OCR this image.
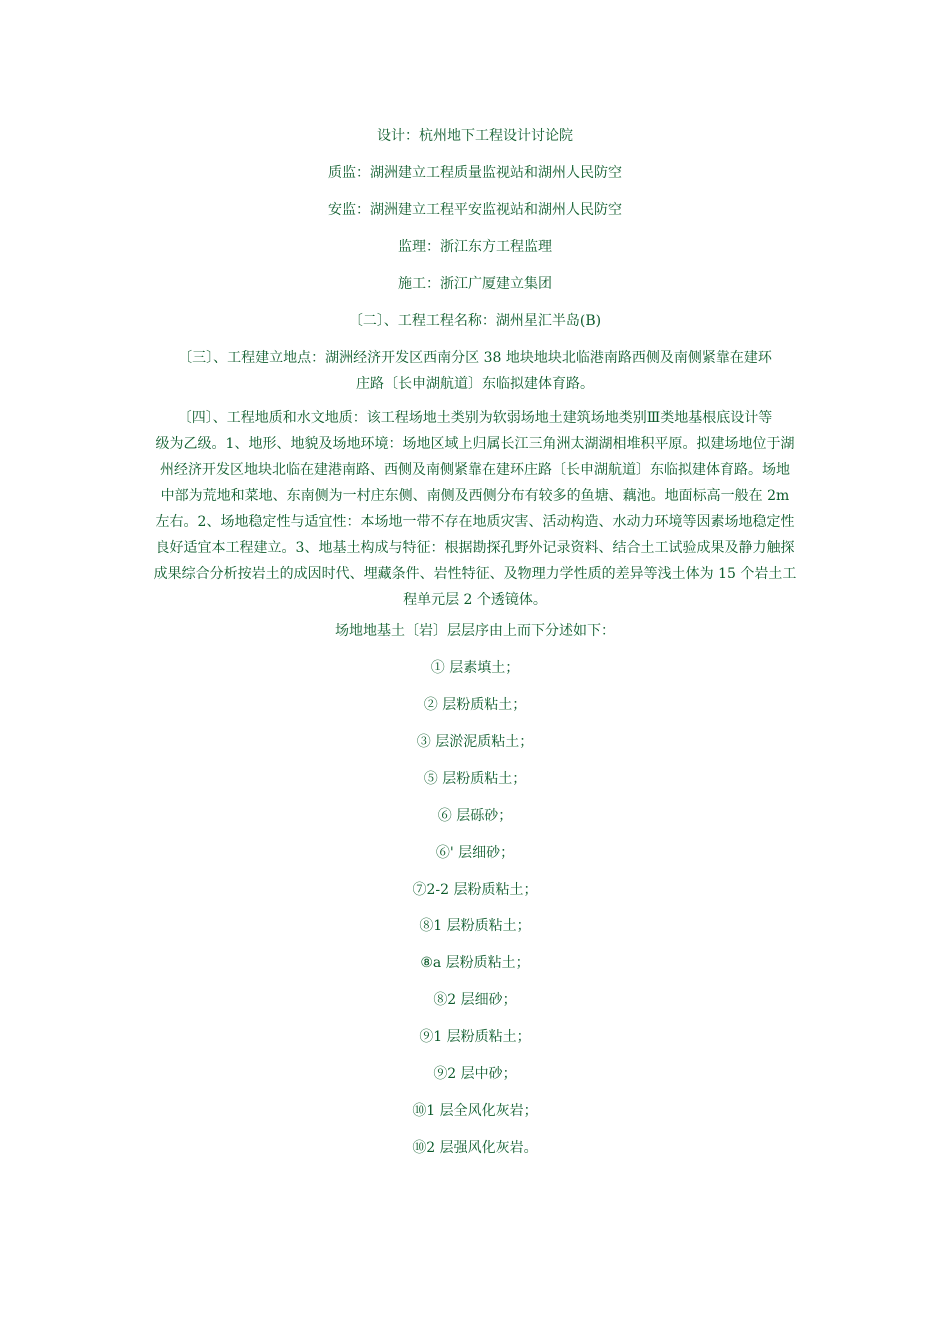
设计：杭州地下工程设计讨论院
质监：湖洲建立工程质量监视站和湖州人民防空
安监：湖洲建立工程平安监视站和湖州人民防空
监理：浙江东方工程监理
施工：浙江广厦建立集团
〔二〕、工程工程名称：湖州星汇半岛(B)
〔三〕、工程建立地点：湖洲经济开发区西南分区 38 地块地块北临港南路西侧及南侧紧靠在建环
庄路〔长申湖航道〕东临拟建体育路。
〔四〕、工程地质和水文地质：该工程场地土类别为软弱场地土建筑场地类别Ⅲ类地基根底设计等
级为乙级。1、地形、地貌及场地环境：场地区域上归属长江三角洲太湖湖相堆积平原。拟建场地位于湖
州经济开发区地块北临在建港南路、西侧及南侧紧靠在建环庄路〔长申湖航道〕东临拟建体育路。场地
中部为荒地和菜地、东南侧为一村庄东侧、南侧及西侧分布有较多的鱼塘、藕池。地面标高一般在 2m
左右。2、场地稳定性与适宜性：本场地一带不存在地质灾害、活动构造、水动力环境等因素场地稳定性
良好适宜本工程建立。3、地基土构成与特征：根据勘探孔野外记录资料、结合土工试验成果及静力触探
成果综合分析按岩土的成因时代、埋藏条件、岩性特征、及物理力学性质的差异等浅土体为 15 个岩土工
程单元层 2 个透镜体。
场地地基土〔岩〕层层序由上而下分述如下：
① 层素填土；
② 层粉质粘土；
③ 层淤泥质粘土；
⑤ 层粉质粘土；
⑥ 层砾砂；
⑥' 层细砂；
⑦2-2 层粉质粘土；
⑧1 层粉质粘土；
⑧a 层粉质粘土；
⑧2 层细砂；
⑨1 层粉质粘土；
⑨2 层中砂；
⑩1 层全风化灰岩；
⑩2 层强风化灰岩。
